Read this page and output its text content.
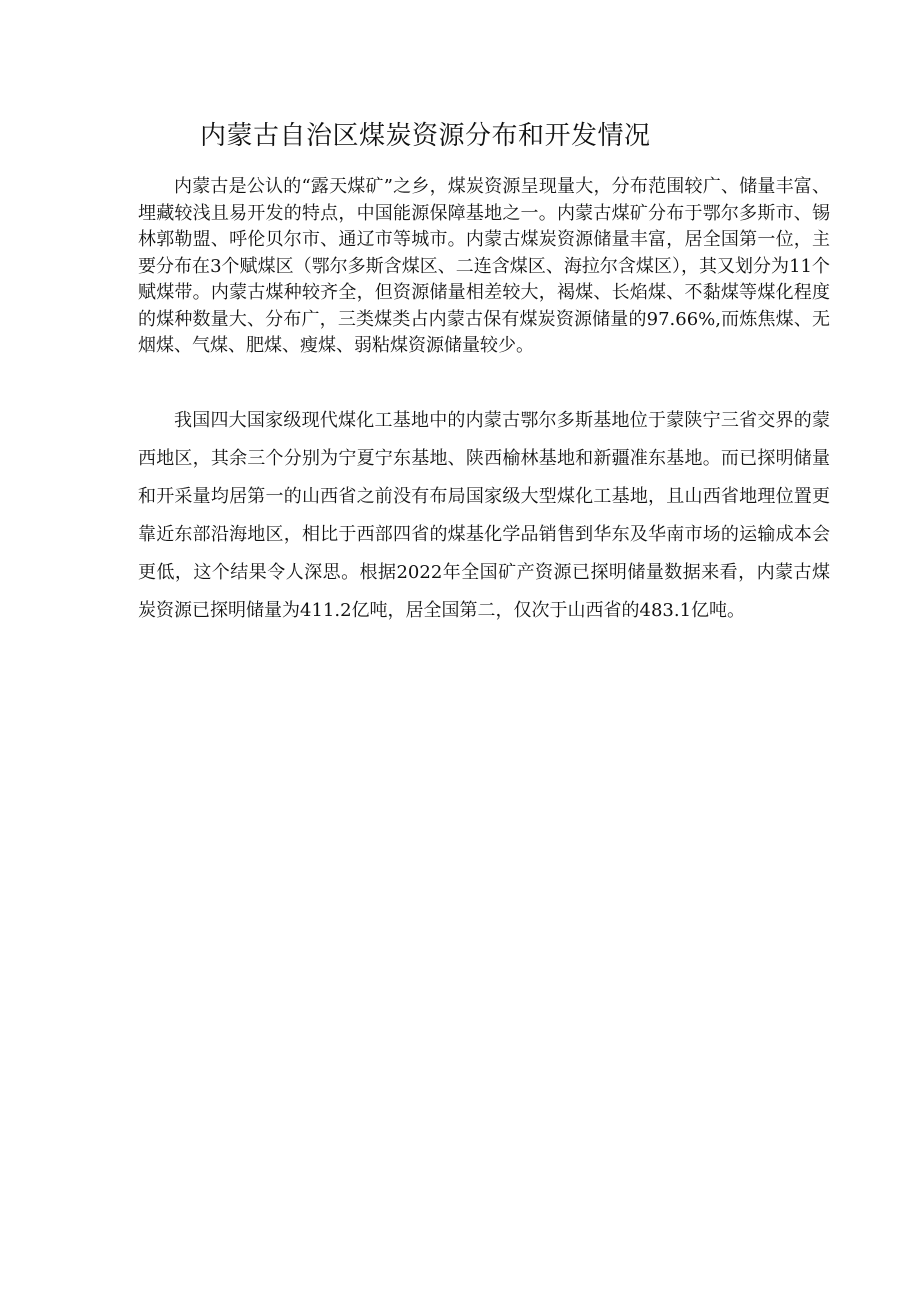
内蒙古自治区煤炭资源分布和开发情况

内蒙古是公认的“露天煤矿”之乡，煤炭资源呈现量大，分布范围较广、储量丰富、埋藏较浅且易开发的特点，中国能源保障基地之一。内蒙古煤矿分布于鄂尔多斯市、锡林郭勒盟、呼伦贝尔市、通辽市等城市。内蒙古煤炭资源储量丰富，居全国第一位，主要分布在3个赋煤区（鄂尔多斯含煤区、二连含煤区、海拉尔含煤区），其又划分为11个赋煤带。内蒙古煤种较齐全，但资源储量相差较大，褐煤、长焰煤、不黏煤等煤化程度的煤种数量大、分布广，三类煤类占内蒙古保有煤炭资源储量的97.66%,而炼焦煤、无烟煤、气煤、肥煤、瘦煤、弱粘煤资源储量较少。

我国四大国家级现代煤化工基地中的内蒙古鄂尔多斯基地位于蒙陕宁三省交界的蒙西地区，其余三个分别为宁夏宁东基地、陕西榆林基地和新疆准东基地。而已探明储量和开采量均居第一的山西省之前没有布局国家级大型煤化工基地，且山西省地理位置更靠近东部沿海地区，相比于西部四省的煤基化学品销售到华东及华南市场的运输成本会更低，这个结果令人深思。根据2022年全国矿产资源已探明储量数据来看，内蒙古煤炭资源已探明储量为411.2亿吨，居全国第二，仅次于山西省的483.1亿吨。
